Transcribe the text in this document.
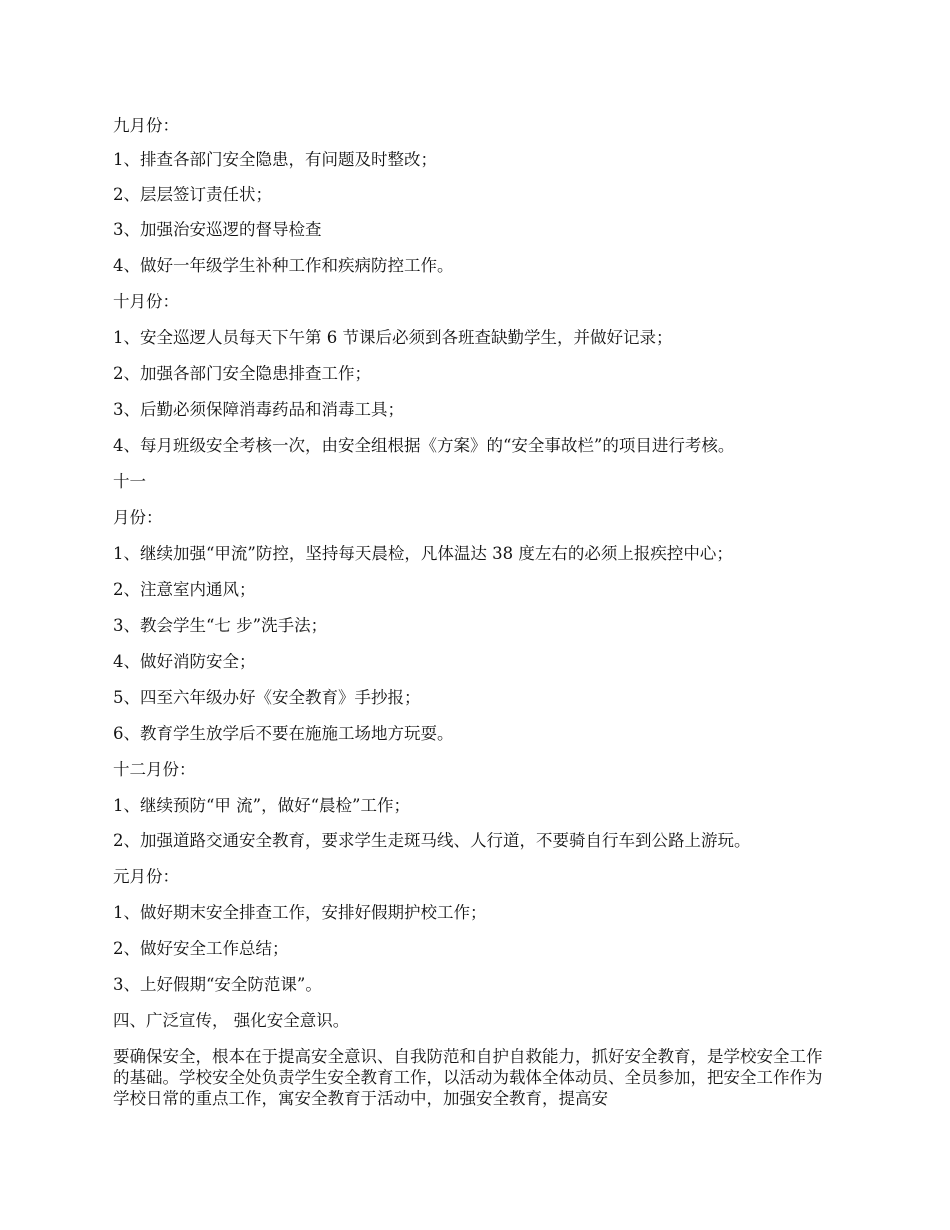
九月份：
1、排查各部门安全隐患，有问题及时整改；
2、层层签订责任状；
3、加强治安巡逻的督导检查
4、做好一年级学生补种工作和疾病防控工作。
十月份：
1、安全巡逻人员每天下午第 6 节课后必须到各班查缺勤学生，并做好记录；
2、加强各部门安全隐患排查工作；
3、后勤必须保障消毒药品和消毒工具；
4、每月班级安全考核一次，由安全组根据《方案》的“安全事故栏”的项目进行考核。
十一
月份：
1、继续加强“甲流”防控，坚持每天晨检，凡体温达 38 度左右的必须上报疾控中心；
2、注意室内通风；
3、教会学生“七 步”洗手法；
4、做好消防安全；
5、四至六年级办好《安全教育》手抄报；
6、教育学生放学后不要在施施工场地方玩耍。
十二月份：
1、继续预防“甲 流”，做好“晨检”工作；
2、加强道路交通安全教育，要求学生走斑马线、人行道，不要骑自行车到公路上游玩。
元月份：
1、做好期末安全排查工作，安排好假期护校工作；
2、做好安全工作总结；
3、上好假期“安全防范课”。
四、广泛宣传， 强化安全意识。
要确保安全，根本在于提高安全意识、自我防范和自护自救能力，抓好安全教育，是学校安全工作的基础。学校安全处负责学生安全教育工作，以活动为载体全体动员、全员参加，把安全工作作为学校日常的重点工作，寓安全教育于活动中，加强安全教育，提高安
